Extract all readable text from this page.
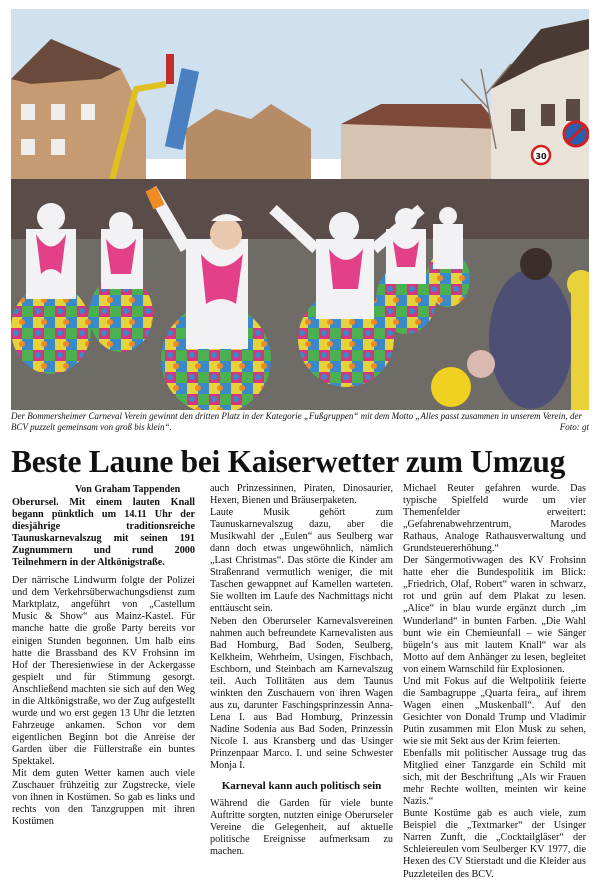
30
Der Bommersheimer Carneval Verein gewinnt den dritten Platz in der Kategorie „Fußgruppen“ mit dem Motto „Alles passt zusammen in unserem Verein, der BCV puzzelt gemeinsam von groß bis klein“.	Foto: gt
Beste Laune bei Kaiserwetter zum Umzug
Von Graham Tappenden

Oberursel. Mit einem lauten Knall begann pünktlich um 14.11 Uhr der diesjährige traditionsreiche Taunuskarnevalszug mit seinen 191 Zugnummern und rund 2000 Teilnehmern in der Altkönigstraße.

Der närrische Lindwurm folgte der Polizei und dem Verkehrsüberwachungsdienst zum Marktplatz, angeführt von „Castellum Music & Show“ aus Mainz-Kastel. Für manche hatte die große Party bereits vor einigen Stunden begonnen. Um halb eins hatte die Brassband des KV Frohsinn im Hof der Theresienwiese in der Ackergasse gespielt und für Stimmung gesorgt. Anschließend machten sie sich auf den Weg in die Altkönigstraße, wo der Zug aufgestellt wurde und wo erst gegen 13 Uhr die letzten Fahrzeuge ankamen. Schon vor dem eigentlichen Beginn bot die Anreise der Garden über die Füllerstraße ein buntes Spektakel.

Mit dem guten Wetter kamen auch viele Zuschauer frühzeitig zur Zugstrecke, viele von ihnen in Kostümen. So gab es links und rechts von den Tanzgruppen mit ihren Kostümen

auch Prinzessinnen, Piraten, Dinosaurier, Hexen, Bienen und Bräuserpaketen.

Laute Musik gehört zum Taunuskarnevalszug dazu, aber die Musikwahl der „Eulen“ aus Seulberg war dann doch etwas ungewöhnlich, nämlich „Last Christmas“. Das störte die Kinder am Straßenrand vermutlich weniger, die mit Taschen gewappnet auf Kamellen warteten. Sie wollten im Laufe des Nachmittags nicht enttäuscht sein.

Neben den Oberurseler Karnevalsvereinen nahmen auch befreundete Karnevalisten aus Bad Homburg, Bad Soden, Seulberg, Kelkheim, Wehrheim, Usingen, Fischbach, Eschborn, und Steinbach am Karnevalszug teil. Auch Tollitäten aus dem Taunus winkten den Zuschauern von ihren Wagen aus zu, darunter Faschingsprinzessin Anna-Lena I. aus Bad Homburg, Prinzessin Nadine Sodenia aus Bad Soden, Prinzessin Nicole I. aus Kransberg und das Usinger Prinzenpaar Marco. I. und seine Schwester Monja I.

Karneval kann auch politisch sein

Während die Garden für viele bunte Auftritte sorgten, nutzten einige Oberurseler Vereine die Gelegenheit, auf aktuelle politische Ereignisse aufmerksam zu machen.

Michael Reuter gefahren wurde. Das typische Spielfeld wurde um vier Themenfelder erweitert: „Gefahrenabwehrzentrum, Marodes Rathaus, Analoge Rathausverwaltung und Grundsteuererhöhung.“

Der Sängermotivwagen des KV Frohsinn hatte eher die Bundespolitik im Blick: „Friedrich, Olaf, Robert“ waren in schwarz, rot und grün auf dem Plakat zu lesen. „Alice“ in blau wurde ergänzt durch „im Wunderland“ in bunten Farben. „Die Wahl bunt wie ein Chemieunfall – wie Sänger bügeln‘s aus mit lautem Knall“ war als Motto auf dem Anhänger zu lesen, begleitet von einem Warnschild für Explosionen.

Und mit Fokus auf die Weltpolitik feierte die Sambagruppe „Quarta feira„ auf ihrem Wagen einen „Muskenball“. Auf den Gesichter von Donald Trump und Vladimir Putin zusammen mit Elon Musk zu sehen, wie sie mit Sekt aus der Krim feierten.

Ebenfalls mit politischer Aussage trug das Mitglied einer Tanzgarde ein Schild mit sich, mit der Beschriftung „Als wir Frauen mehr Rechte wollten, meinten wir keine Nazis.“

Bunte Kostüme gab es auch viele, zum Beispiel die „Textmarker“ der Usinger Narren Zunft, die „Cocktailgläser“ der Schleiereulen vom Seulberger KV 1977, die Hexen des CV Stierstadt und die Kleider aus Puzzleteilen des BCV.
